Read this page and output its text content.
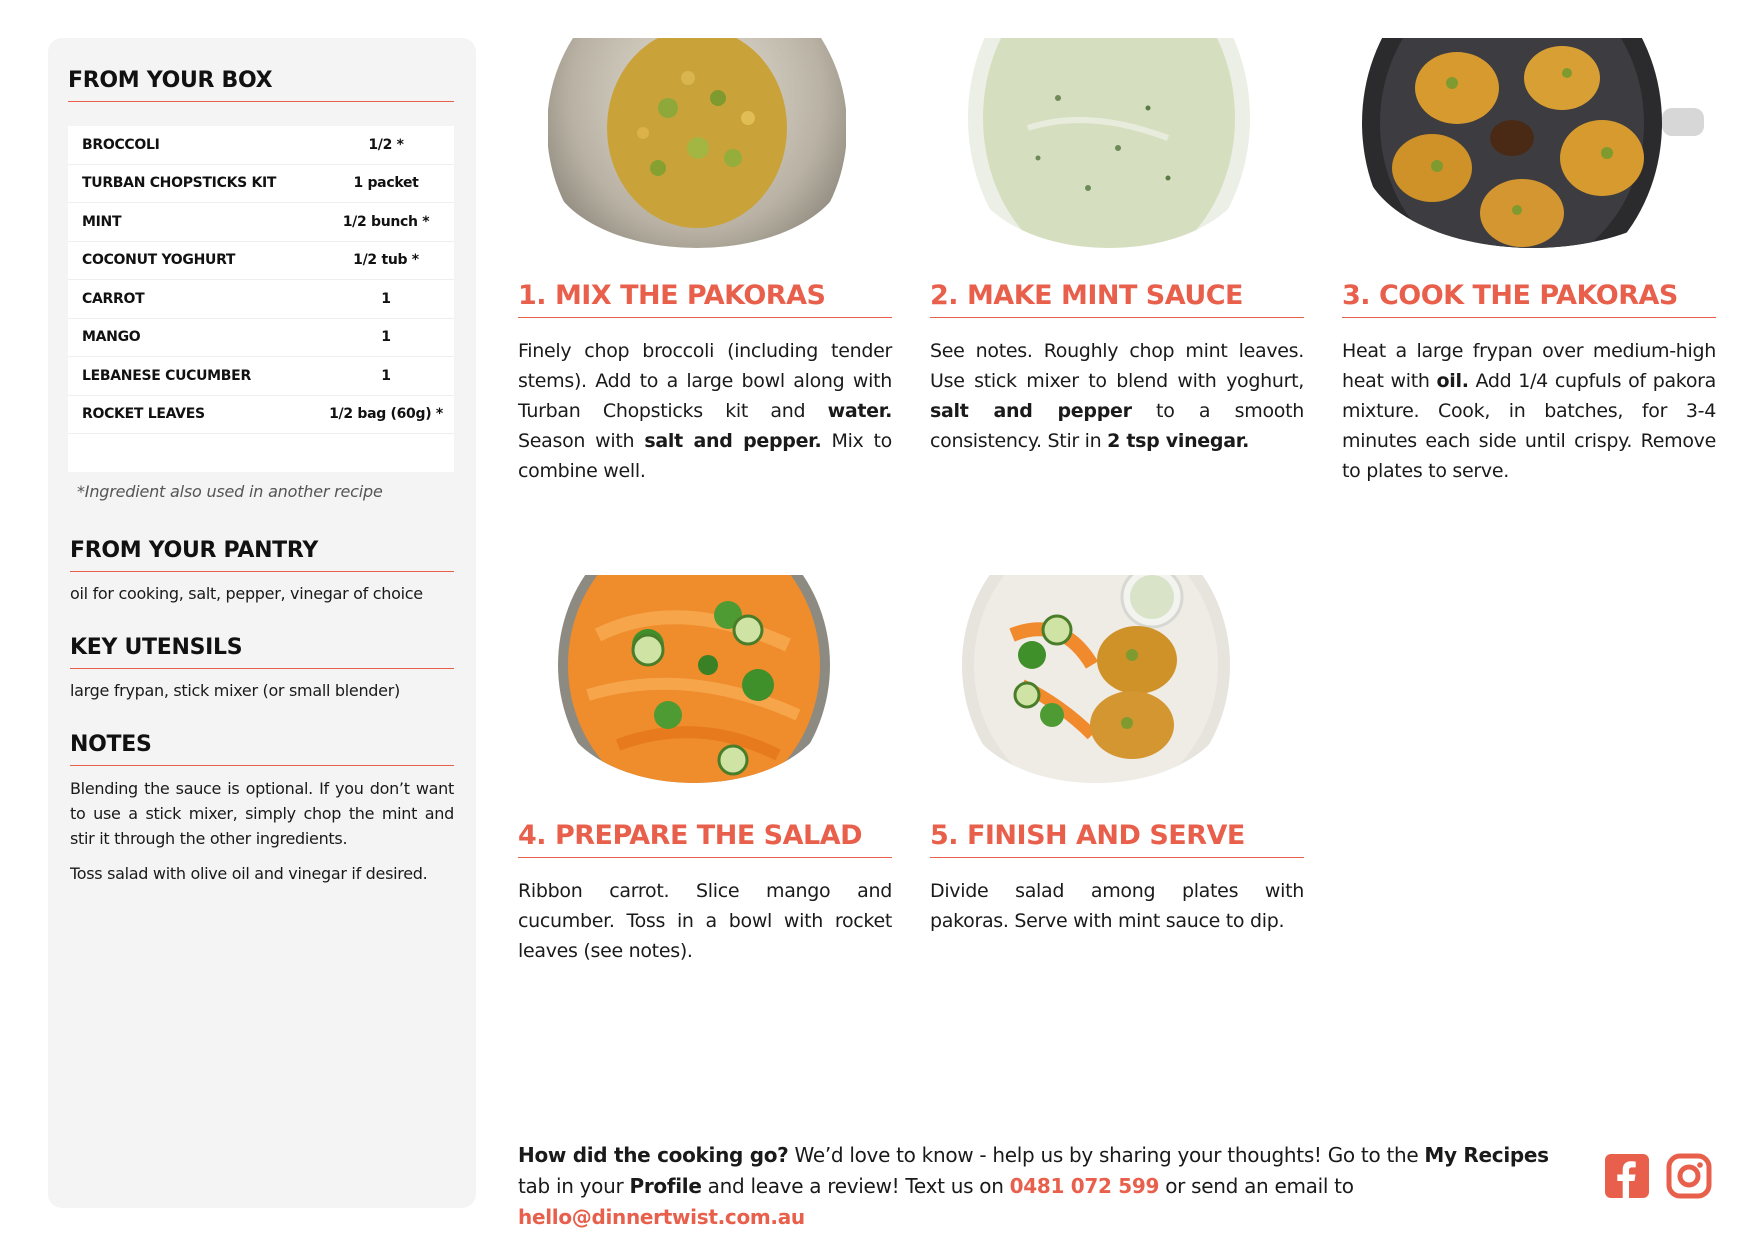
FROM YOUR BOX
BROCCOLI	1/2 *
TURBAN CHOPSTICKS KIT	1 packet
MINT	1/2 bunch *
COCONUT YOGHURT	1/2 tub *
CARROT	1
MANGO	1
LEBANESE CUCUMBER	1
ROCKET LEAVES	1/2 bag (60g) *
*Ingredient also used in another recipe
FROM YOUR PANTRY
oil for cooking, salt, pepper, vinegar of choice
KEY UTENSILS
large frypan, stick mixer (or small blender)
NOTES

Blending the sauce is optional. If you don’t want to use a stick mixer, simply chop the mint and stir it through the other ingredients.

Toss salad with olive oil and vinegar if desired.

1. MIX THE PAKORAS
Finely chop broccoli (including tender stems). Add to a large bowl along with Turban Chopsticks kit and water. Season with salt and pepper. Mix to combine well.
2. MAKE MINT SAUCE
See notes. Roughly chop mint leaves. Use stick mixer to blend with yoghurt, salt and pepper to a smooth consistency. Stir in 2 tsp vinegar.
3. COOK THE PAKORAS
Heat a large frypan over medium-high heat with oil. Add 1/4 cupfuls of pakora mixture. Cook, in batches, for 3-4 minutes each side until crispy. Remove to plates to serve.
4. PREPARE THE SALAD
Ribbon carrot. Slice mango and cucumber. Toss in a bowl with rocket leaves (see notes).
5. FINISH AND SERVE
Divide salad among plates with pakoras. Serve with mint sauce to dip.
How did the cooking go? We’d love to know - help us by sharing your thoughts! Go to the My Recipes tab in your Profile and leave a review! Text us on 0481 072 599 or send an email to hello@dinnertwist.com.au
